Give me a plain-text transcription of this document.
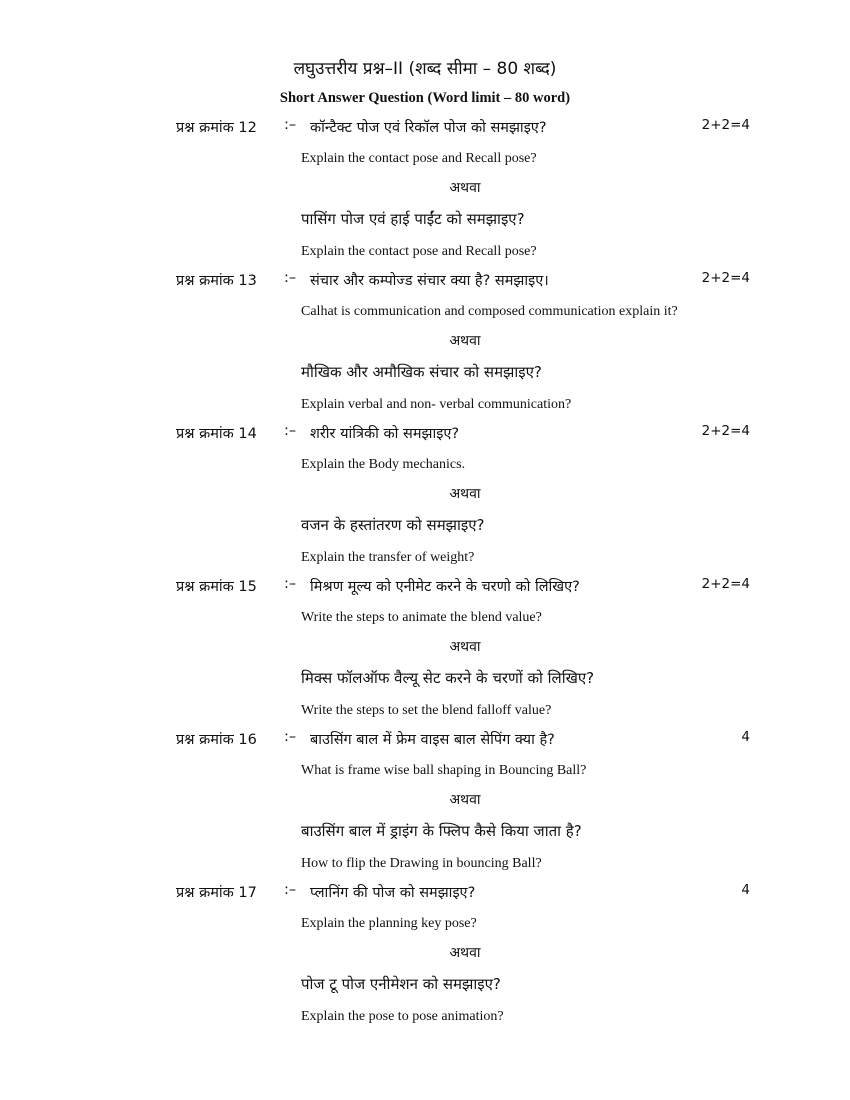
लघुउत्तरीय प्रश्न–II (शब्द सीमा – 80 शब्द)
Short Answer Question (Word limit – 80 word)
प्रश्न क्रमांक 12 :– कॉन्टैक्ट पोज एवं रिकॉल पोज को समझाइए?	2+2=4
Explain the contact pose and Recall pose?
अथवा
पासिंग पोज एवं हाई पाईंट को समझाइए?
Explain the contact pose and Recall pose?
प्रश्न क्रमांक 13 :– संचार और कम्पोज्ड संचार क्या है? समझाइए।	2+2=4
Calhat is communication and composed communication explain it?
अथवा
मौखिक और अमौखिक संचार को समझाइए?
Explain verbal and non- verbal communication?
प्रश्न क्रमांक 14 :– शरीर यांत्रिकी को समझाइए?	2+2=4
Explain the Body mechanics.
अथवा
वजन के हस्तांतरण को समझाइए?
Explain the transfer of weight?
प्रश्न क्रमांक 15 :– मिश्रण मूल्य को एनीमेट करने के चरणो को लिखिए?	2+2=4
Write the steps to animate the blend value?
अथवा
मिक्स फॉलऑफ वैल्यू सेट करने के चरणों को लिखिए?
Write the steps to set the blend falloff value?
प्रश्न क्रमांक 16 :– बाउसिंग बाल में फ्रेम वाइस बाल सेपिंग क्या है?	4
What is frame wise ball shaping in Bouncing Ball?
अथवा
बाउसिंग बाल में ड्राइंग के फ्लिप कैसे किया जाता है?
How to flip the Drawing in bouncing Ball?
प्रश्न क्रमांक 17 :– प्लानिंग की पोज को समझाइए?	4
Explain the planning key pose?
अथवा
पोज टू पोज एनीमेशन को समझाइए?
Explain the pose to pose animation?
